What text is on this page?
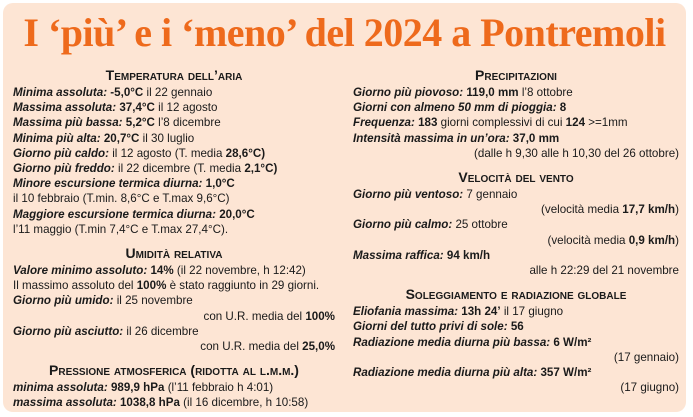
I ‘più’ e i ‘meno’ del 2024 a Pontremoli
Temperatura dell’aria
Minima assoluta: -5,0°C il 22 gennaio
Massima assoluta: 37,4°C il 12 agosto
Massima più bassa: 5,2°C l’8 dicembre
Minima più alta: 20,7°C il 30 luglio
Giorno più caldo: il 12 agosto (T. media 28,6°C)
Giorno più freddo: il 22 dicembre (T. media 2,1°C)
Minore escursione termica diurna: 1,0°C
il 10 febbraio (T.min. 8,6°C e T.max 9,6°C)
Maggiore escursione termica diurna: 20,0°C
l’11 maggio (T.min 7,4°C e T.max 27,4°C).
Umidità relativa
Valore minimo assoluto: 14% (il 22 novembre, h 12:42)
Il massimo assoluto del 100% è stato raggiunto in 29 giorni.
Giorno più umido: il 25 novembre
con U.R. media del 100%
Giorno più asciutto: il 26 dicembre
con U.R. media del 25,0%
Pressione atmosferica (ridotta al l.m.m.)
minima assoluta: 989,9 hPa (l’11 febbraio h 4:01)
massima assoluta: 1038,8 hPa (il 16 dicembre, h 10:58)
Precipitazioni
Giorno più piovoso: 119,0 mm l’8 ottobre
Giorni con almeno 50 mm di pioggia: 8
Frequenza: 183 giorni complessivi di cui 124 >=1mm
Intensità massima in un’ora: 37,0 mm
(dalle h 9,30 alle h 10,30 del 26 ottobre)
Velocità del vento
Giorno più ventoso: 7 gennaio
(velocità media 17,7 km/h)
Giorno più calmo: 25 ottobre
(velocità media 0,9 km/h)
Massima raffica: 94 km/h
alle h 22:29 del 21 novembre
Soleggiamento e radiazione globale
Eliofania massima: 13h 24’ il 17 giugno
Giorni del tutto privi di sole: 56
Radiazione media diurna più bassa: 6 W/m²
(17 gennaio)
Radiazione media diurna più alta: 357 W/m²
(17 giugno)
